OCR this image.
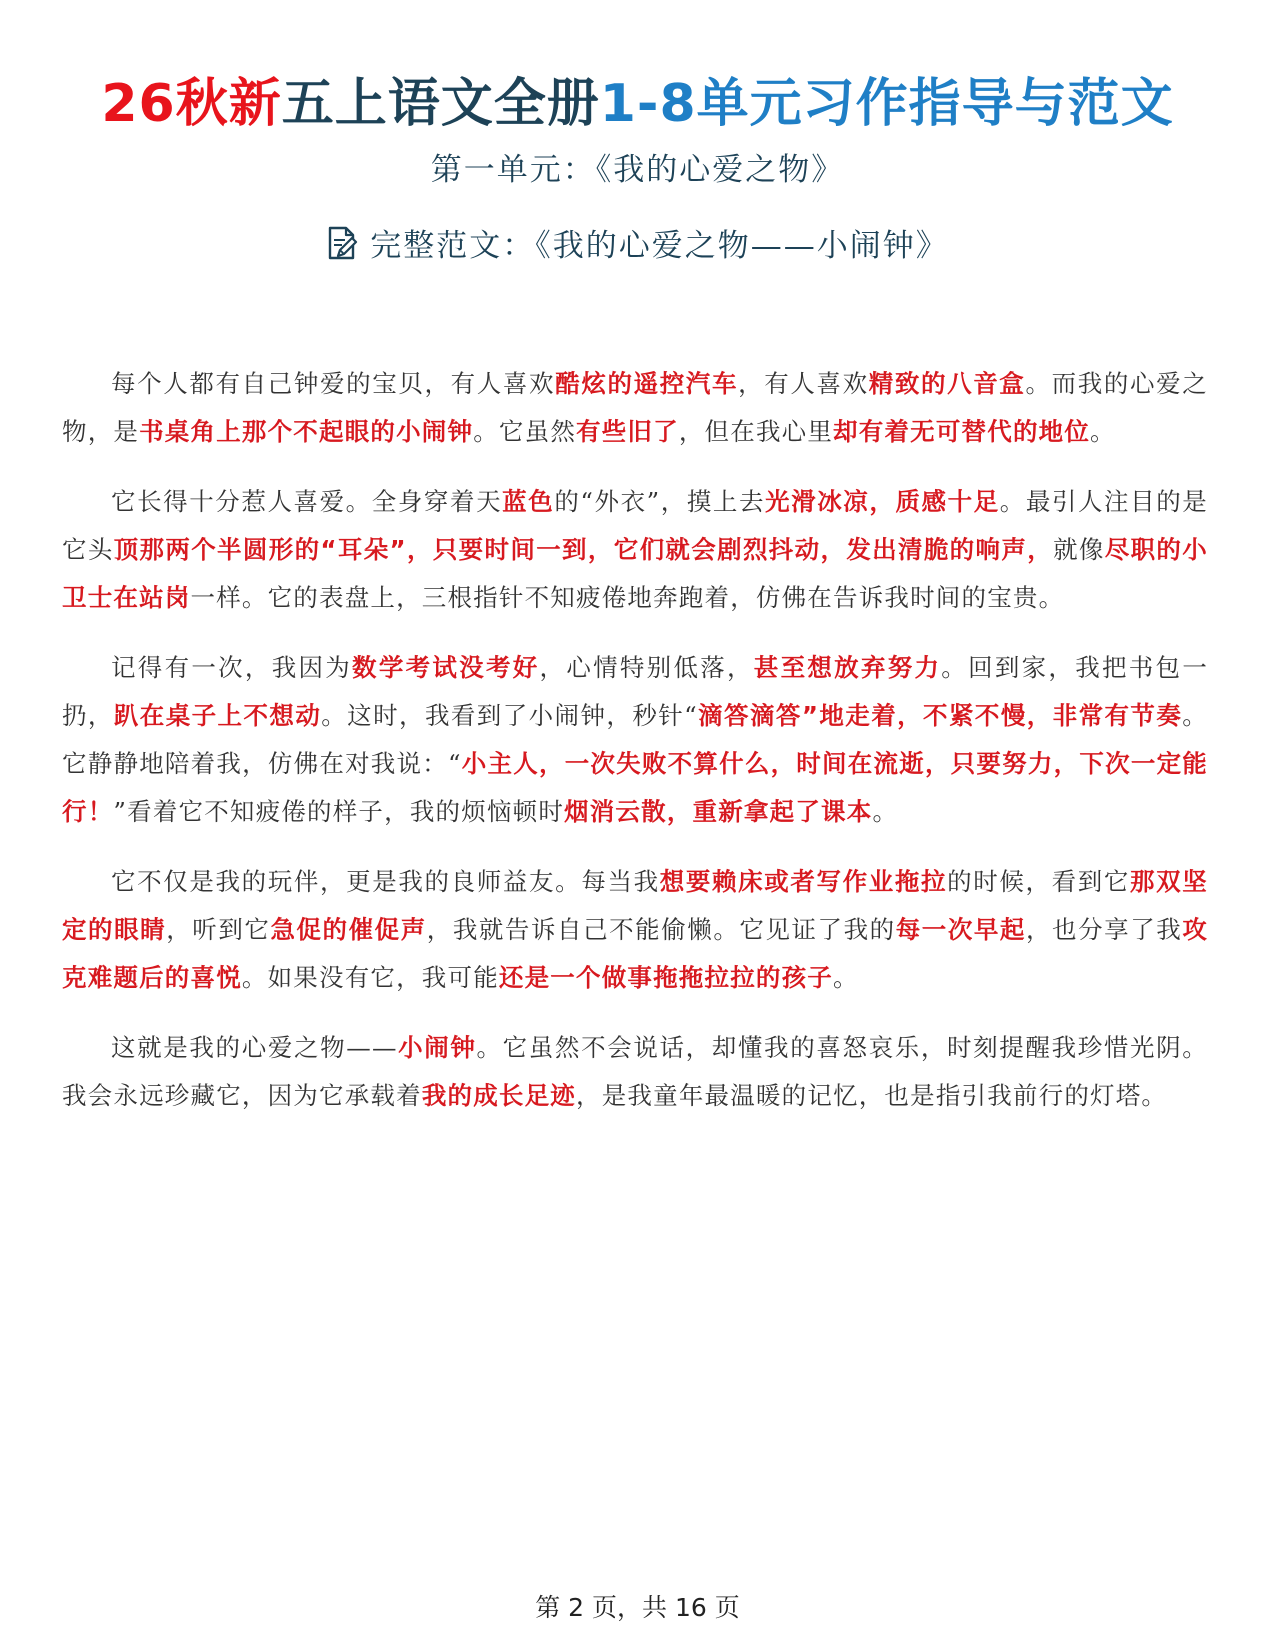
26秋新五上语文全册1-8单元习作指导与范文
第一单元：《我的心爱之物》
完整范文：《我的心爱之物——小闹钟》

每个人都有自己钟爱的宝贝，有人喜欢酷炫的遥控汽车，有人喜欢精致的八音盒。而我的心爱之物，是书桌角上那个不起眼的小闹钟。它虽然有些旧了，但在我心里却有着无可替代的地位。

它长得十分惹人喜爱。全身穿着天蓝色的“外衣”，摸上去光滑冰凉，质感十足。最引人注目的是它头顶那两个半圆形的“耳朵”，只要时间一到，它们就会剧烈抖动，发出清脆的响声，就像尽职的小卫士在站岗一样。它的表盘上，三根指针不知疲倦地奔跑着，仿佛在告诉我时间的宝贵。

记得有一次，我因为数学考试没考好，心情特别低落，甚至想放弃努力。回到家，我把书包一扔，趴在桌子上不想动。这时，我看到了小闹钟，秒针“滴答滴答”地走着，不紧不慢，非常有节奏。它静静地陪着我，仿佛在对我说：“小主人，一次失败不算什么，时间在流逝，只要努力，下次一定能行！”看着它不知疲倦的样子，我的烦恼顿时烟消云散，重新拿起了课本。

它不仅是我的玩伴，更是我的良师益友。每当我想要赖床或者写作业拖拉的时候，看到它那双坚定的眼睛，听到它急促的催促声，我就告诉自己不能偷懒。它见证了我的每一次早起，也分享了我攻克难题后的喜悦。如果没有它，我可能还是一个做事拖拖拉拉的孩子。

这就是我的心爱之物——小闹钟。它虽然不会说话，却懂我的喜怒哀乐，时刻提醒我珍惜光阴。我会永远珍藏它，因为它承载着我的成长足迹，是我童年最温暖的记忆，也是指引我前行的灯塔。

第 2 页，共 16 页
